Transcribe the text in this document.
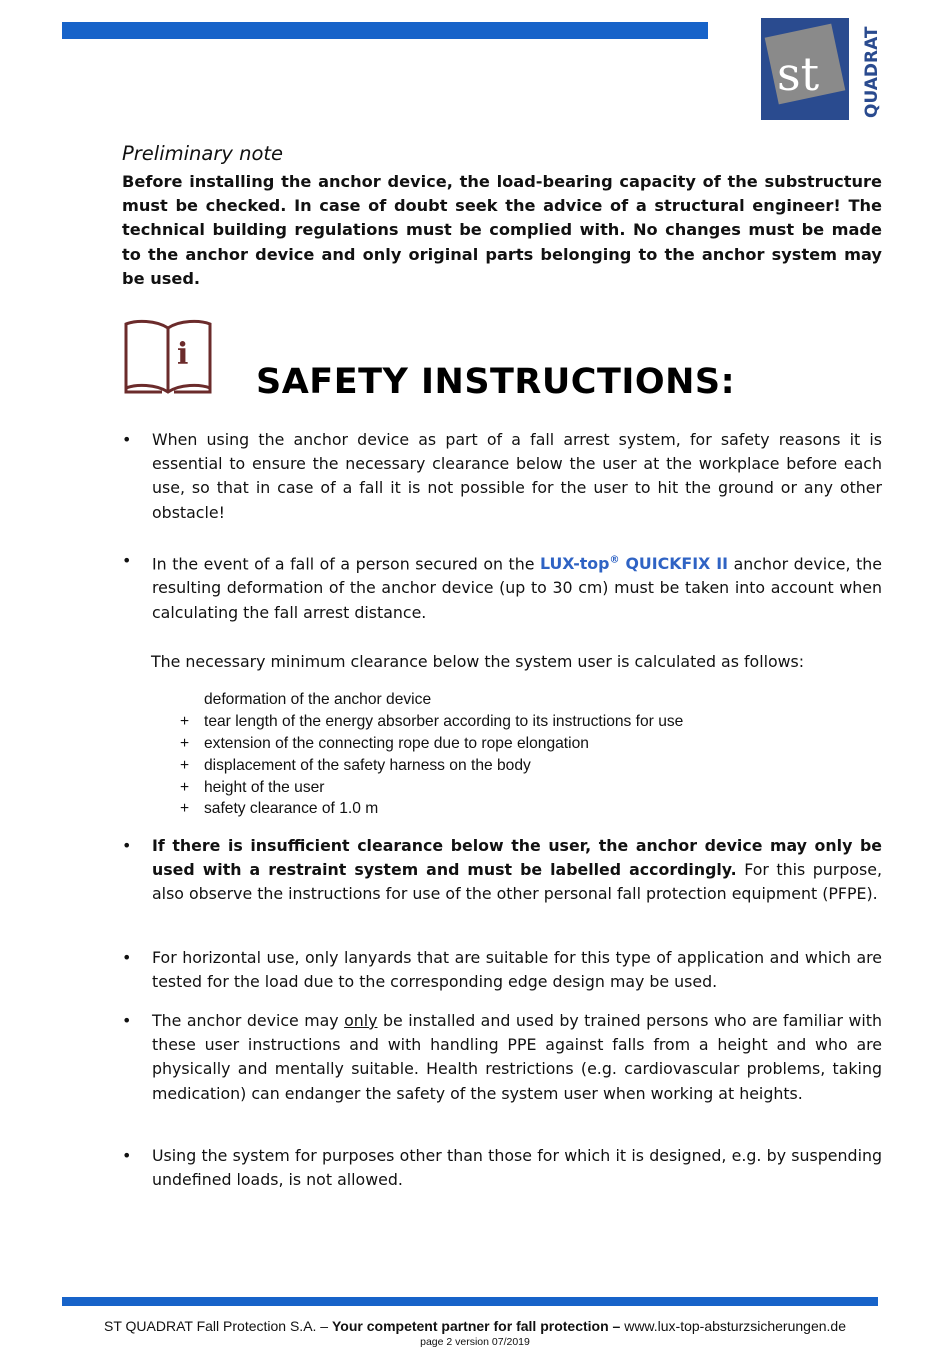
st	QUADRAT
Preliminary note
Before installing the anchor device, the load-bearing capacity of the substructure must be checked. In case of doubt seek the advice of a structural engineer! The technical building regulations must be complied with. No changes must be made to the anchor device and only original parts belonging to the anchor system may be used.
i
SAFETY INSTRUCTIONS:
• When using the anchor device as part of a fall arrest system, for safety reasons it is essential to ensure the necessary clearance below the user at the workplace before each use, so that in case of a fall it is not possible for the user to hit the ground or any other obstacle!
• In the event of a fall of a person secured on the LUX-top® QUICKFIX II anchor device, the resulting deformation of the anchor device (up to 30 cm) must be taken into account when calculating the fall arrest distance.
The necessary minimum clearance below the system user is calculated as follows:
deformation of the anchor device
+ tear length of the energy absorber according to its instructions for use
+ extension of the connecting rope due to rope elongation
+ displacement of the safety harness on the body
+ height of the user
+ safety clearance of 1.0 m
• If there is insufficient clearance below the user, the anchor device may only be used with a restraint system and must be labelled accordingly. For this purpose, also observe the instructions for use of the other personal fall protection equipment (PFPE).
• For horizontal use, only lanyards that are suitable for this type of application and which are tested for the load due to the corresponding edge design may be used.
• The anchor device may only be installed and used by trained persons who are familiar with these user instructions and with handling PPE against falls from a height and who are physically and mentally suitable. Health restrictions (e.g. cardiovascular problems, taking medication) can endanger the safety of the system user when working at heights.
• Using the system for purposes other than those for which it is designed, e.g. by suspending undefined loads, is not allowed.
ST QUADRAT Fall Protection S.A. – Your competent partner for fall protection – www.lux-top-absturzsicherungen.de
page 2 version 07/2019
